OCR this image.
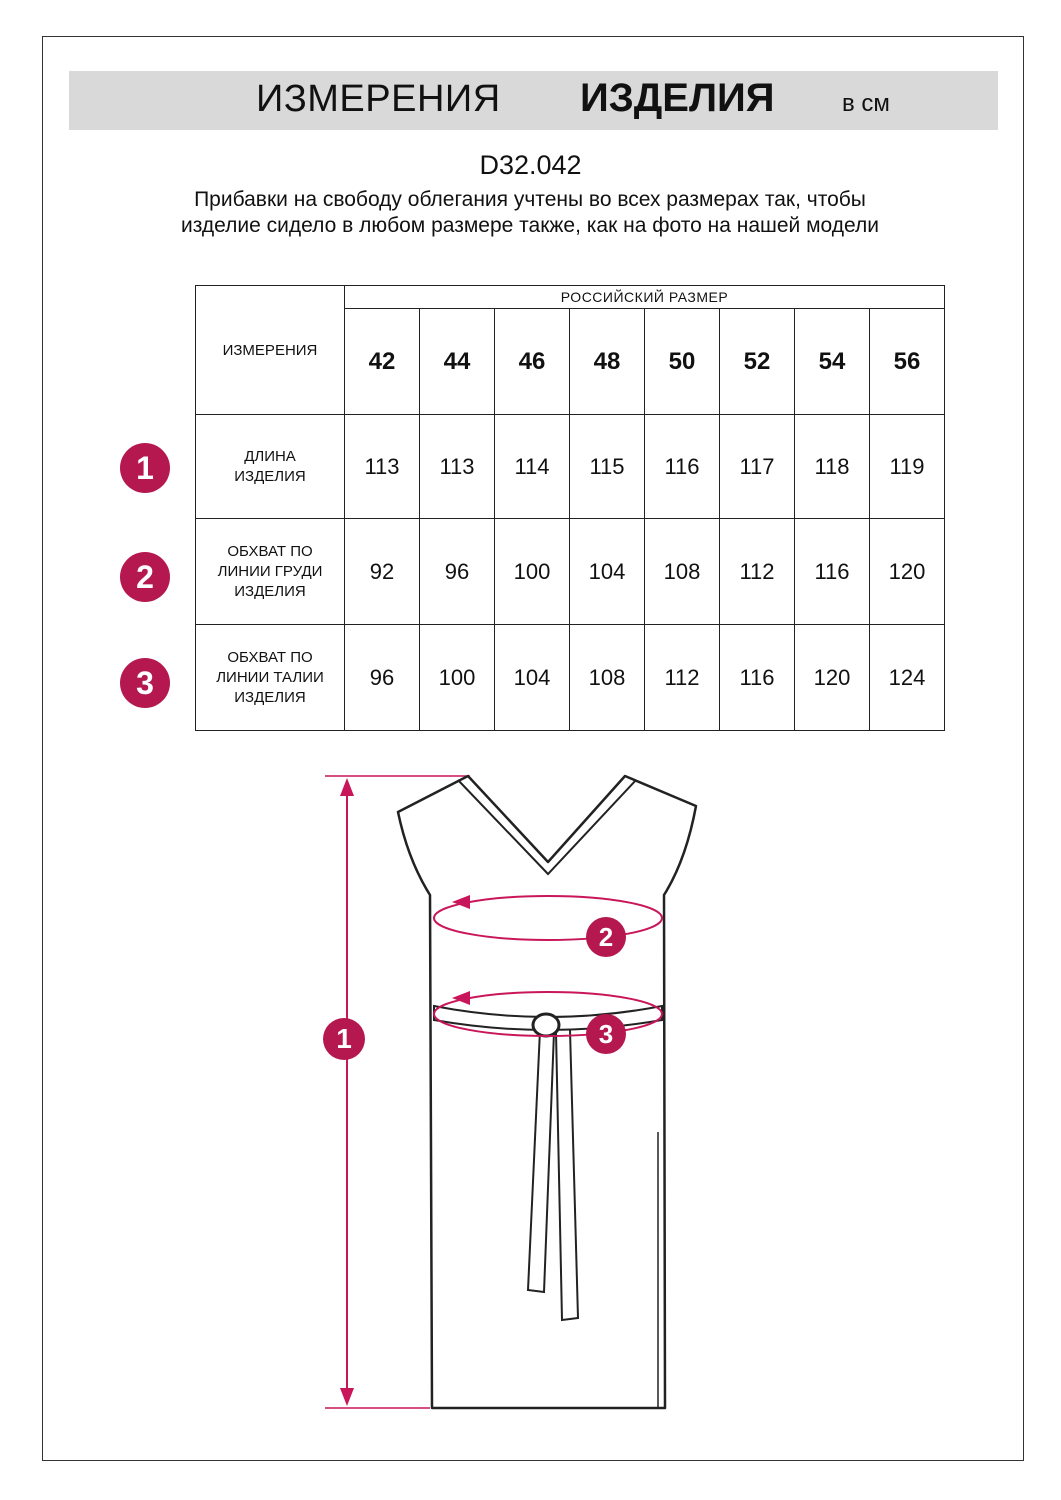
ИЗМЕРЕНИЯ ИЗДЕЛИЯ	в см
D32.042
Прибавки на свободу облегания учтены во всех размерах так, чтобы изделие сидело в любом размере также, как на фото на нашей модели
ИЗМЕРЕНИЯ	РОССИЙСКИЙ РАЗМЕР							
	42	44	46	48	50	52	54	56
ДЛИНА
ИЗДЕЛИЯ	113	113	114	115	116	117	118	119
ОБХВАТ ПО
ЛИНИИ ГРУДИ
ИЗДЕЛИЯ	92	96	100	104	108	112	116	120
ОБХВАТ ПО
ЛИНИИ ТАЛИИ
ИЗДЕЛИЯ	96	100	104	108	112	116	120	124
1
2
3
1
2
3
